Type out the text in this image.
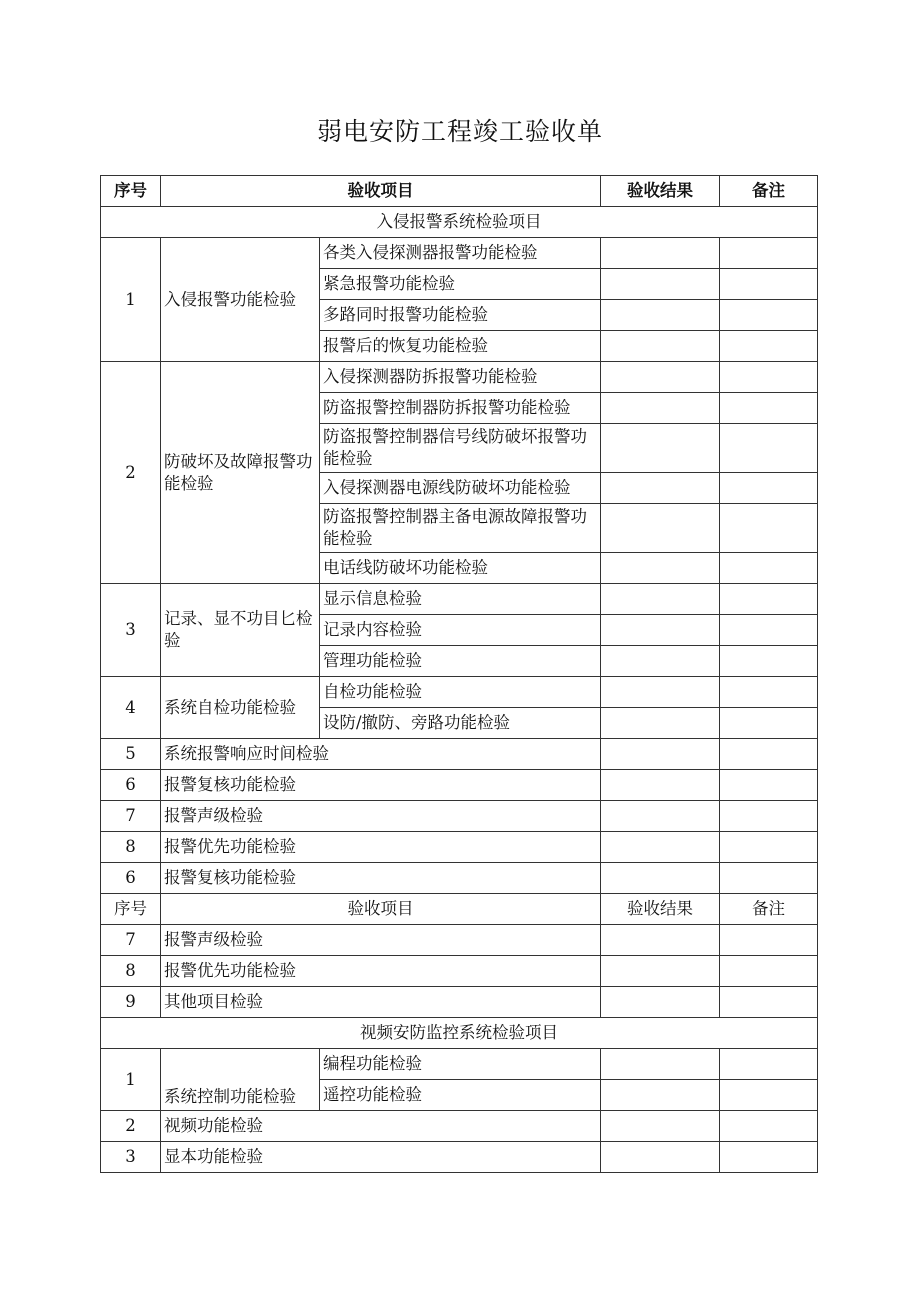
弱电安防工程竣工验收单
序号	验收项目		验收结果	备注
入侵报警系统检验项目				
1	入侵报警功能检验	各类入侵探测器报警功能检验		
		紧急报警功能检验		
		多路同时报警功能检验		
		报警后的恢复功能检验		
2	防破坏及故障报警功能检验	入侵探测器防拆报警功能检验		
		防盗报警控制器防拆报警功能检验		
		防盗报警控制器信号线防破坏报警功能检验		
		入侵探测器电源线防破坏功能检验		
		防盗报警控制器主备电源故障报警功能检验		
		电话线防破坏功能检验		
3	记录、显不功目匕检验	显示信息检验		
		记录内容检验		
		管理功能检验		
4	系统自检功能检验	自检功能检验		
		设防/撤防、旁路功能检验		
5	系统报警响应时间检验			
6	报警复核功能检验			
7	报警声级检验			
8	报警优先功能检验			
6	报警复核功能检验			
序号	验收项目		验收结果	备注
7	报警声级检验			
8	报警优先功能检验			
9	其他项目检验			
视频安防监控系统检验项目				
1	系统控制功能检验	编程功能检验		
		遥控功能检验		
2	视频功能检验			
3	显本功能检验			
